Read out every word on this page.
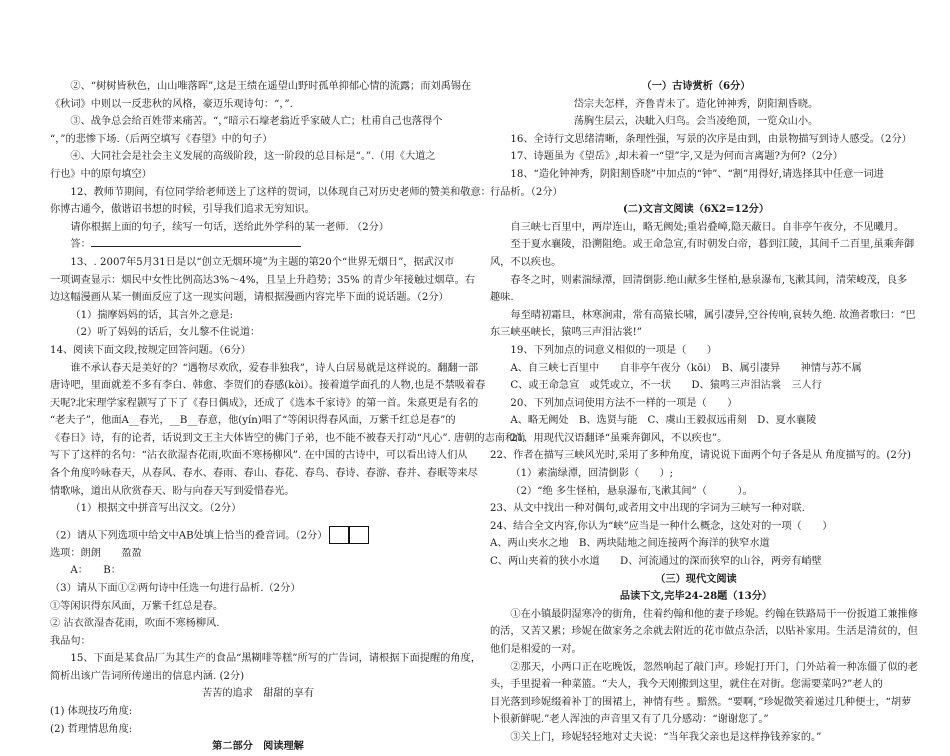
②、“树树皆秋色，山山唯落晖”,这是王绩在遥望山野时孤单抑郁心情的流露；而刘禹锡在

《秋词》中则以一反悲秋的风格，豪迈乐观诗句：“，”.

③、战争总会给百姓带来痛苦。“，”暗示石壕老翁近乎家破人亡；杜甫自己也落得个

“，”的悲惨下场.（后两空填写《春望》中的句子）

④、大同社会是社会主义发展的高级阶段，这一阶段的总目标是“。”.（用《大道之

行也》中的原句填空）

12、教师节期间，有位同学给老师送上了这样的贺词，以体现自己对历史老师的赞美和敬意：

你博古通今，傲谐诏书想的时候，引导我们追求无穷知识。

请你根据上面的句子，续写一句话，送给此外学科的某一老师. （2分）

答：

13、. 2007年5月31日是以“创立无烟环境”为主题的第20个“世界无烟日”，据武汉市

一项调查显示：烟民中女性比例高达3%～4%，且呈上升趋势；35% 的青少年接触过烟草。右

边这幅漫画从某一侧面反应了这一现实问题，请根据漫画内容完毕下面的说话题。（2分）

（1）揣摩妈妈的话，其言外之意是:

（2）听了妈妈的话后，女儿黎不住说道：

14、阅读下面文段,按规定回答问题。（6分）

谁不承认春天是美好的？“遇物尽欢欣，爱春非独我”，诗人白居易就是这样说的。翻翻一部

唐诗吧，里面就差不多有李白、韩愈、李贺们的春感(kòi）。接着道学面孔的人物,也是不禁吸着春

天呢?北宋理学家程颢写了下了《春日偶成》，还成了《选本千家诗》的第一首。朱熹更是有名的

“老夫子”，他面A__春光，__B__春意，他(yín)唱了“等闲识得春风面，万紫千红总是春”的

《春日》诗，有的论者，话说到文王主大体皆空的佛门子弟，也不能不被春天打动“凡心”. 唐朝的志南和尚

写下了这样的名句：“沾衣欲湿杏花雨,吹面不寒杨柳风”. 在中国的古诗中，可以看出诗人们从

各个角度吟咏春天，从春风、春水、春雨、春山、春花、春鸟、春诗、春游、春并、春眠等来尽

情歌咏，道出从欣赏春天、盼与向春天写到爱惜春光。

（1）根据文中拼音写出汉文。（2分）

（2）请从下列选项中给文中AB处填上恰当的叠音词。（2分）

选项：朗朗　　盈盈

A：　　B：

（3）请从下面①②两句诗中任选一句进行品析.（2分）

①等闲识得东风面，万紫千红总是春。

② 沾衣欲湿杏花雨，吹面不寒杨柳风.

我品句：

15、下面是某食品厂为其生产的食品“黑糊啡等糕”所写的广告词，请根据下面提醒的角度，

简析出该广告词所传递出的信息内涵. (2分)

苦苦的追求　甜甜的享有

(1) 体现技巧角度:

(2) 哲理情思角度:

第二部分　阅读理解

（一）古诗赏析（6分）

岱宗夫怎样，齐鲁青未了。造化钟神秀，阴阳割昏晓。

荡胸生层云，决眦入归鸟。会当凌绝顶，一览众山小。

16、全诗行文思绪清晰，条理性强，写景的次序是由到，由景物描写到诗人感受。（2分）

17、诗题虽为《望岳》,却未着一“望”字,又是为何而言离题?为何?（2分）

18、“造化钟神秀，阴阳割昏晓”中加点的“钟”、“割”用得好,请选择其中任意一词进

行品析。（2分）

(二)文言文阅读（6X2=12分）

自三峡七百里中，两岸连山，略无阙处;重岩叠嶂,隐天蔽日。自非亭午夜分，不见曦月。

至于夏水襄陵，沿溯阻绝。或王命急宣,有时朝发白帝，暮到江陵，其间千二百里,虽乘奔御

风，不以疾也。

春冬之时，则素湍绿潭，回清倒影.绝山献多生怪柏,悬泉瀑布,飞漱其间，清荣峻茂，良多

趣味.

每至晴初霜旦，林寒涧肃，常有高猿长啸，属引凄异,空谷传响,哀转久绝. 故渔者歌曰：“巴

东三峡巫峡长，猿鸣三声泪沾裳!”

19、下列加点的词意义相似的一项是（　　）

A、自三峡七百里中　　自非亭午夜分（kōi）　B、属引凄异　　神情与苏不属

C、或王命急宣　或凭或立，不一状　　D、猿鸣三声泪沾裳　三人行

20、下列加点词使用方法不一样的一项是（　　）

A、略无阙处　B、选贤与能　C、虞山王毅叔远甫刻　D、夏水襄陵

21、用现代汉语翻译“虽乘奔御风，不以疾也”。

22、作者在描写三峡风光时,采用了多种角度，请说说下面两个句子各是从 角度描写的。(2分)

（1）素湍绿潭，回清倒影（　　）;

（2）“绝 多生怪柏，悬泉瀑布,飞漱其间”（　　　）。

23、从文中找出一种对偶句,或者用文中出现的字词为三峡写一种对联.

24、结合全文内容,你认为“峡”应当是一种什么概念，这处对的一项（　　）

A、两山夹水之地　B、两块陆地之间连接两个海洋的狭窄水道

C、两山夹着的狭小水道　　D、河流通过的深而狭窄的山谷，两旁有峭壁

（三）现代文阅读

品读下文,完毕24-28题（13分）

①在小镇最阴湿寒冷的街角，住着约翰和他的妻子珍妮。约翰在铁路局干一份扳道工兼推修

的活，又苦又累；珍妮在做家务之余就去附近的花市做点杂活，以贴补家用。生活是清贫的，但

他们是相爱的一对。

②那天，小两口正在吃晚饭，忽然响起了敲门声。珍妮打开门，门外站着一种冻僵了似的老

头，手里提着一种菜篮。“夫人，我今天刚搬到这里，就住在对街。您需要菜吗?”老人的

目光落到珍妮缀着补丁的围裙上，神情有些 。黯然。“要啊，”珍妮微笑着递过几种便士，“胡萝

卜很新鲜呢.”老人浑浊的声音里又有了几分感动：“谢谢您了。”

③关上门，珍妮轻轻地对丈夫说：“当年我父亲也是这样挣钱养家的。”
